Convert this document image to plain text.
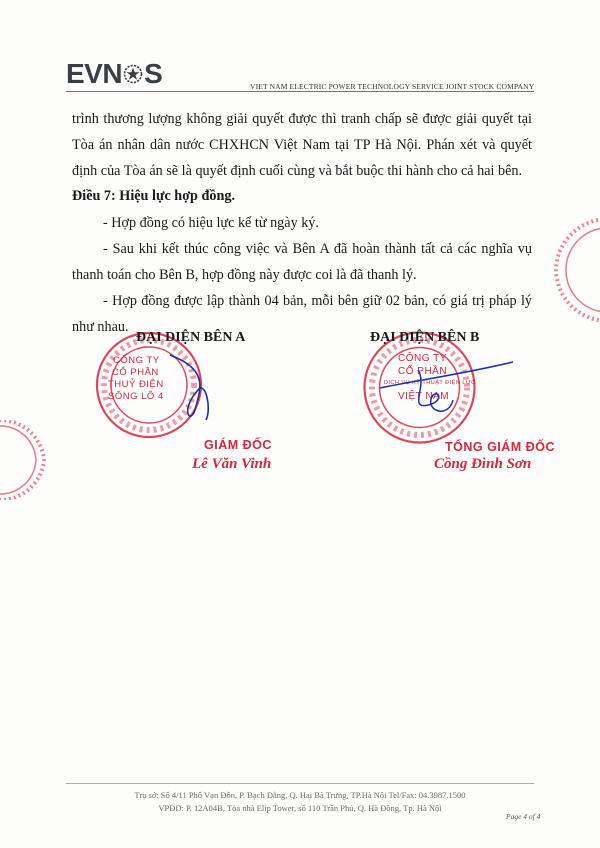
EVN S	VIET NAM ELECTRIC POWER TECHNOLOGY SERVICE JOINT STOCK COMPANY
trình thương lượng không giải quyết được thì tranh chấp sẽ được giải quyết tại Tòa án nhân dân nước CHXHCN Việt Nam tại TP Hà Nội. Phán xét và quyết định của Tòa án sẽ là quyết định cuối cùng và bắt buộc thi hành cho cả hai bên.
Điều 7: Hiệu lực hợp đồng.
- Hợp đồng có hiệu lực kể từ ngày ký.
- Sau khi kết thúc công việc và Bên A đã hoàn thành tất cả các nghĩa vụ thanh toán cho Bên B, hợp đồng này được coi là đã thanh lý.
- Hợp đồng được lập thành 04 bản, mỗi bên giữ 02 bản, có giá trị pháp lý như nhau.
CÔNG TY
CỔ PHẦN
THUỶ ĐIỆN
SÔNG LÔ 4
ĐẠI DIỆN BÊN A
GIÁM ĐỐC
Lê Văn Vinh
CÔNG TY
CỔ PHẦN
DỊCH VỤ KỸ THUẬT ĐIỆN LỰC
VIỆT NAM
ĐẠI DIỆN BÊN B
TỔNG GIÁM ĐỐC
Cồng Đình Sơn
Trụ sở: Số 4/11 Phố Vạn Đồn, P. Bạch Đằng, Q. Hai Bà Trưng, TP.Hà Nội Tel/Fax: 04.3987.1500
VPĐD: P. 12A04B, Tòa nhà Elip Tower, số 110 Trần Phú, Q. Hà Đông, Tp. Hà Nội
Page 4 of 4
